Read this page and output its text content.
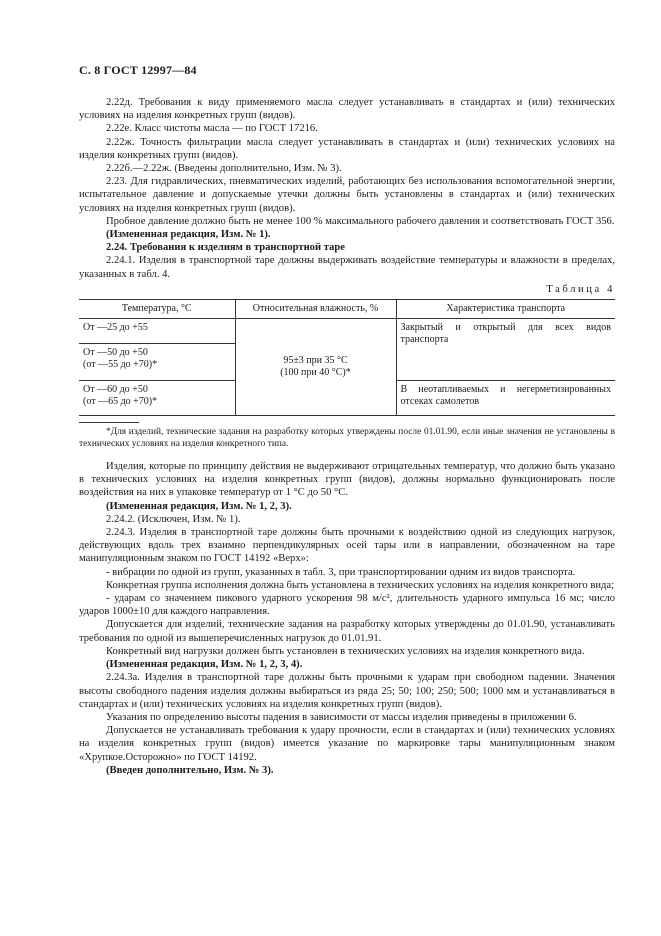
С. 8 ГОСТ 12997—84

2.22д. Требования к виду применяемого масла следует устанавливать в стандартах и (или) технических условиях на изделия конкретных групп (видов).

2.22е. Класс чистоты масла — по ГОСТ 17216.

2.22ж. Точность фильтрации масла следует устанавливать в стандартах и (или) технических условиях на изделия конкретных групп (видов).

2.22б.—2.22ж. (Введены дополнительно, Изм. № 3).

2.23. Для гидравлических, пневматических изделий, работающих без использования вспомогательной энергии, испытательное давление и допускаемые утечки должны быть установлены в стандартах и (или) технических условиях на изделия конкретных групп (видов).

Пробное давление должно быть не менее 100 % максимального рабочего давления и соответствовать ГОСТ 356.

(Измененная редакция, Изм. № 1).

2.24. Требования к изделиям в транспортной таре

2.24.1. Изделия в транспортной таре должны выдерживать воздействие температуры и влажности в пределах, указанных в табл. 4.

Таблица 4
Температура, °С	Относительная влажность, %	Характеристика транспорта
От —25 до +55	95±3 при 35 °С
(100 при 40 °С)*	Закрытый и открытый для всех видов транспорта
От —50 до +50
(от —55 до +70)*		
От —60 до +50
(от —65 до +70)*		В неотапливаемых и негерметизированных отсеках самолетов
*Для изделий, технические задания на разработку которых утверждены после 01.01.90, если иные значения не установлены в технических условиях на изделия конкретного типа.

Изделия, которые по принципу действия не выдерживают отрицательных температур, что должно быть указано в технических условиях на изделия конкретных групп (видов), должны нормально функционировать после воздействия на них в упаковке температур от 1 °С до 50 °С.

(Измененная редакция, Изм. № 1, 2, 3).

2.24.2. (Исключен, Изм. № 1).

2.24.3. Изделия в транспортной таре должны быть прочными к воздействию одной из следующих нагрузок, действующих вдоль трех взаимно перпендикулярных осей тары или в направлении, обозначенном на таре манипуляционным знаком по ГОСТ 14192 «Верх»:

- вибрации по одной из групп, указанных в табл. 3, при транспортировании одним из видов транспорта.

Конкретная группа исполнения должна быть установлена в технических условиях на изделия конкретного вида;

- ударам со значением пикового ударного ускорения 98 м/с², длительность ударного импульса 16 мс; число ударов 1000±10 для каждого направления.

Допускается для изделий, технические задания на разработку которых утверждены до 01.01.90, устанавливать требования по одной из вышеперечисленных нагрузок до 01.01.91.

Конкретный вид нагрузки должен быть установлен в технических условиях на изделия конкретного вида.

(Измененная редакция, Изм. № 1, 2, 3, 4).

2.24.3а. Изделия в транспортной таре должны быть прочными к ударам при свободном падении. Значения высоты свободного падения изделия должны выбираться из ряда 25; 50; 100; 250; 500; 1000 мм и устанавливаться в стандартах и (или) технических условиях на изделия конкретных групп (видов).

Указания по определению высоты падения в зависимости от массы изделия приведены в приложении 6.

Допускается не устанавливать требования к удару прочности, если в стандартах и (или) технических условиях на изделия конкретных групп (видов) имеется указание по маркировке тары манипуляционным знаком «Хрупкое.Осторожно» по ГОСТ 14192.

(Введен дополнительно, Изм. № 3).
